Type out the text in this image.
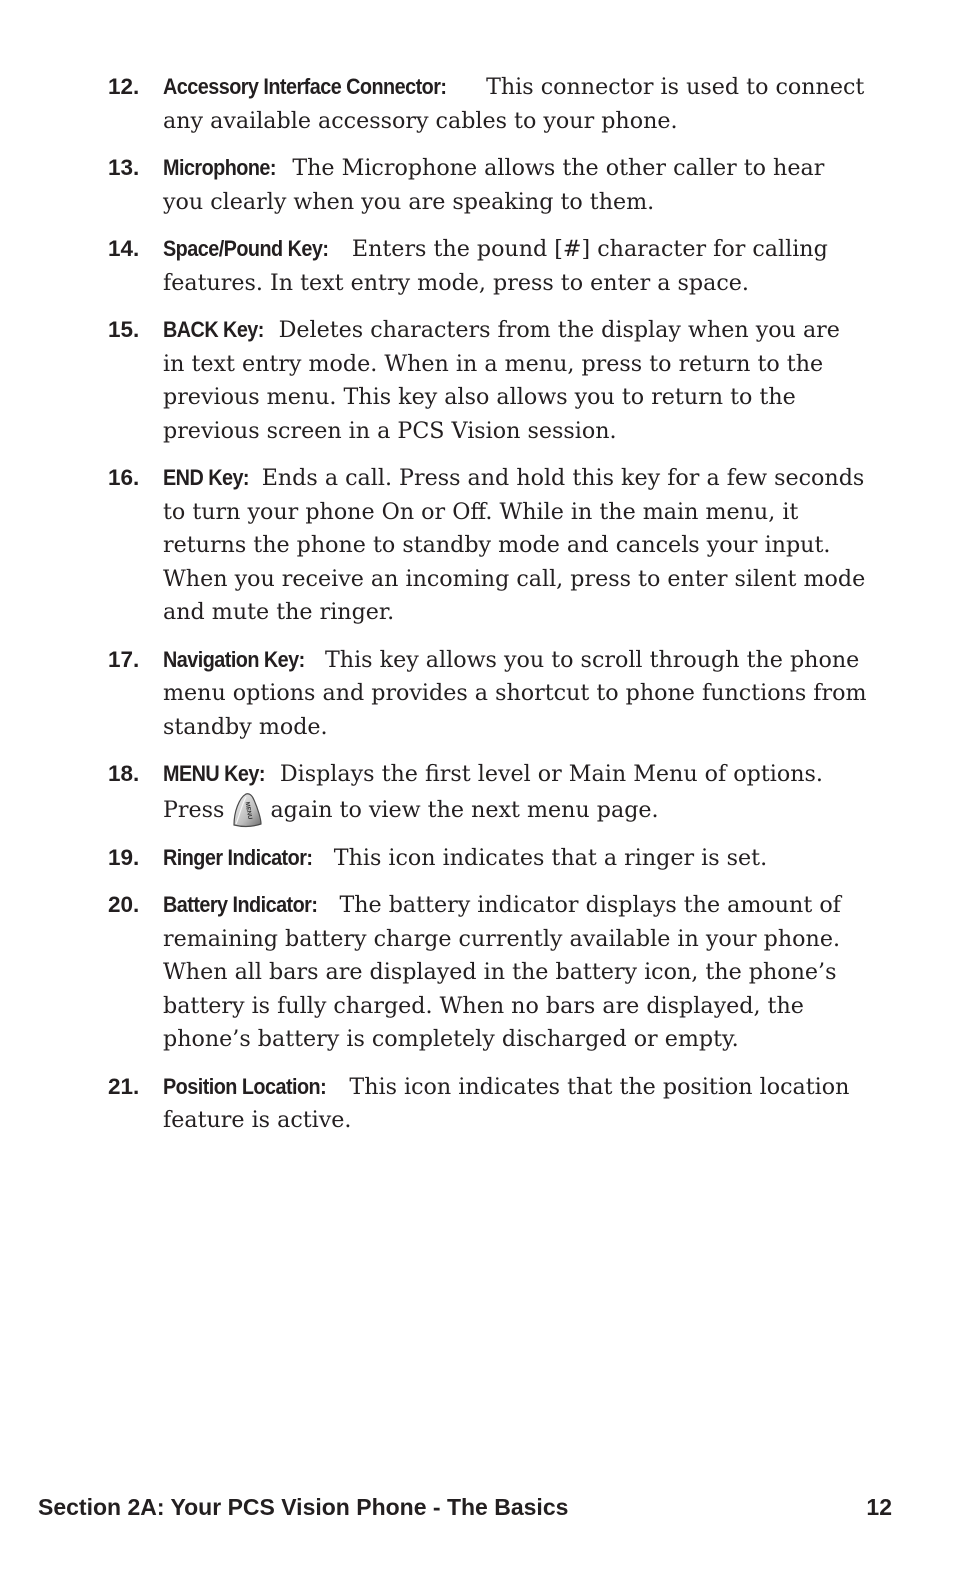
12.	Accessory Interface Connector: This connector is used to connect any available accessory cables to your phone.
13.	Microphone: The Microphone allows the other caller to hear you clearly when you are speaking to them.
14.	Space/Pound Key: Enters the pound [#] character for calling features. In text entry mode, press to enter a space.
15.	BACK Key: Deletes characters from the display when you are in text entry mode. When in a menu, press to return to the previous menu. This key also allows you to return to the previous screen in a PCS Vision session.
16.	END Key: Ends a call. Press and hold this key for a few seconds to turn your phone On or Off. While in the main menu, it returns the phone to standby mode and cancels your input. When you receive an incoming call, press to enter silent mode and mute the ringer.
17.	Navigation Key: This key allows you to scroll through the phone menu options and provides a shortcut to phone functions from standby mode.
18.	MENU Key: Displays the first level or Main Menu of options. Press	MENU again to view the next menu page.
19.	Ringer Indicator: This icon indicates that a ringer is set.
20.	Battery Indicator: The battery indicator displays the amount of remaining battery charge currently available in your phone. When all bars are displayed in the battery icon, the phone’s battery is fully charged. When no bars are displayed, the phone’s battery is completely discharged or empty.
21.	Position Location: This icon indicates that the position location feature is active.
Section 2A: Your PCS Vision Phone - The Basics	12
